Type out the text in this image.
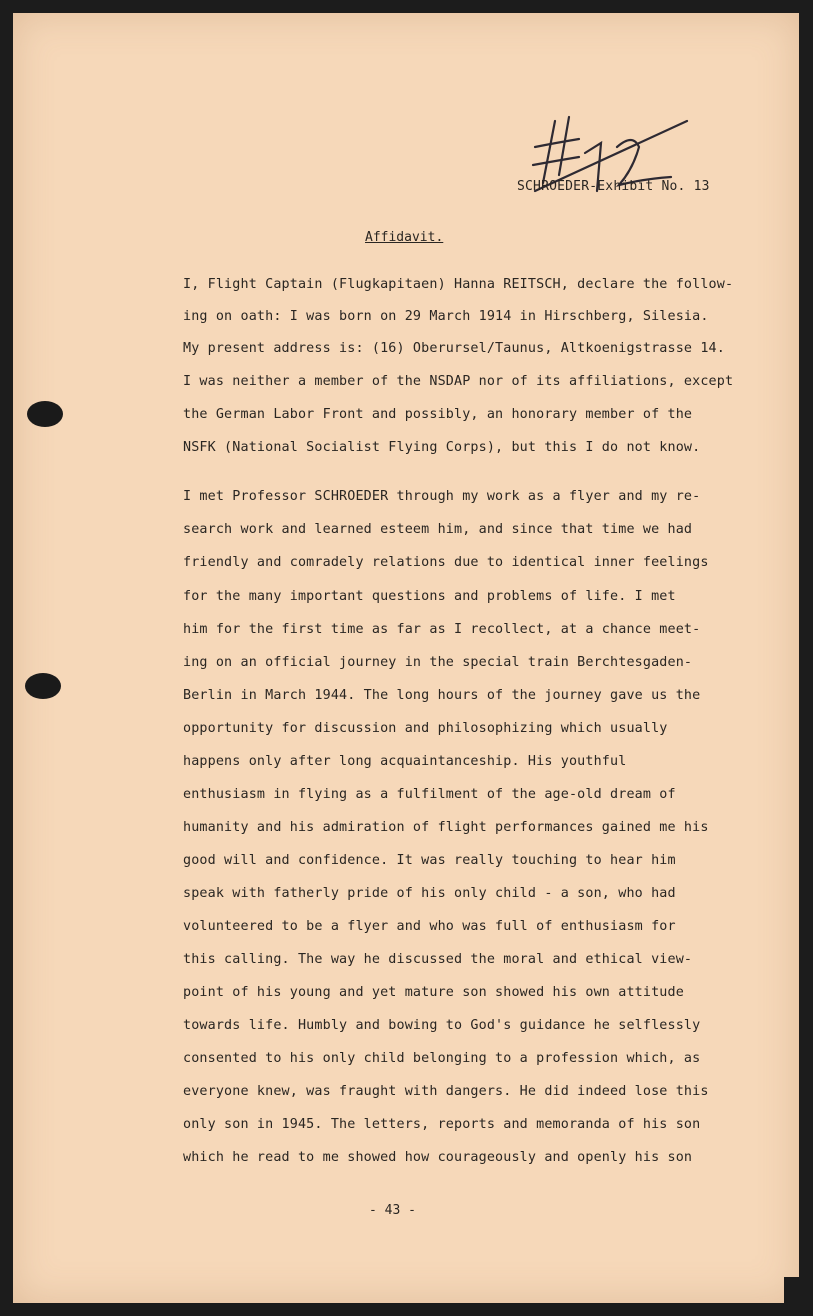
SCHROEDER-Exhibit No. 13
Affidavit.
I, Flight Captain (Flugkapitaen) Hanna REITSCH, declare the follow-
ing on oath: I was born on 29 March 1914 in Hirschberg, Silesia.
My present address is: (16) Oberursel/Taunus, Altkoenigstrasse 14.
I was neither a member of the NSDAP nor of its affiliations, except
the German Labor Front and possibly, an honorary member of the
NSFK (National Socialist Flying Corps), but this I do not know.
I met Professor SCHROEDER through my work as a flyer and my re-
search work and learned esteem him, and since that time we had
friendly and comradely relations due to identical inner feelings
for the many important questions and problems of life. I met
him for the first time as far as I recollect, at a chance meet-
ing on an official journey in the special train Berchtesgaden-
Berlin in March 1944. The long hours of the journey gave us the
opportunity for discussion and philosophizing which usually
happens only after long acquaintanceship. His youthful
enthusiasm in flying as a fulfilment of the age-old dream of
humanity and his admiration of flight performances gained me his
good will and confidence. It was really touching to hear him
speak with fatherly pride of his only child - a son, who had
volunteered to be a flyer and who was full of enthusiasm for
this calling. The way he discussed the moral and ethical view-
point of his young and yet mature son showed his own attitude
towards life. Humbly and bowing to God's guidance he selflessly
consented to his only child belonging to a profession which, as
everyone knew, was fraught with dangers. He did indeed lose this
only son in 1945. The letters, reports and memoranda of his son
which he read to me showed how courageously and openly his son
- 43 -
